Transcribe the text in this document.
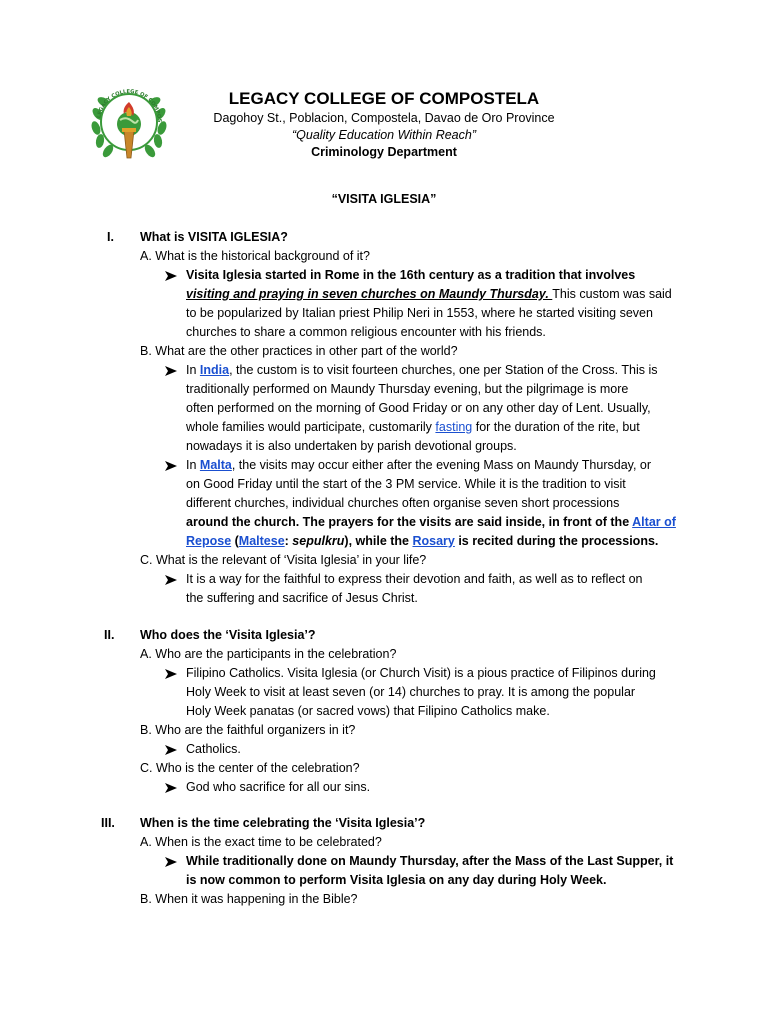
LEGACY COLLEGE OF COMPOS
LEGACY COLLEGE OF COMPOSTELA
Dagohoy St., Poblacion, Compostela, Davao de Oro Province
“Quality Education Within Reach”
Criminology Department
“VISITA IGLESIA”
I. What is VISITA IGLESIA?
A. What is the historical background of it?
Visita Iglesia started in Rome in the 16th century as a tradition that involves
visiting and praying in seven churches on Maundy Thursday. This custom was said
to be popularized by Italian priest Philip Neri in 1553, where he started visiting seven
churches to share a common religious encounter with his friends.
B. What are the other practices in other part of the world?
In India, the custom is to visit fourteen churches, one per Station of the Cross. This is
traditionally performed on Maundy Thursday evening, but the pilgrimage is more
often performed on the morning of Good Friday or on any other day of Lent. Usually,
whole families would participate, customarily fasting for the duration of the rite, but
nowadays it is also undertaken by parish devotional groups.
In Malta, the visits may occur either after the evening Mass on Maundy Thursday, or
on Good Friday until the start of the 3 PM service. While it is the tradition to visit
different churches, individual churches often organise seven short processions
around the church. The prayers for the visits are said inside, in front of the Altar of
Repose (Maltese: sepulkru), while the Rosary is recited during the processions.
C. What is the relevant of ‘Visita Iglesia’ in your life?
It is a way for the faithful to express their devotion and faith, as well as to reflect on
the suffering and sacrifice of Jesus Christ.
II. Who does the ‘Visita Iglesia’?
A. Who are the participants in the celebration?
Filipino Catholics. Visita Iglesia (or Church Visit) is a pious practice of Filipinos during
Holy Week to visit at least seven (or 14) churches to pray. It is among the popular
Holy Week panatas (or sacred vows) that Filipino Catholics make.
B. Who are the faithful organizers in it?
Catholics.
C. Who is the center of the celebration?
God who sacrifice for all our sins.
III. When is the time celebrating the ‘Visita Iglesia’?
A. When is the exact time to be celebrated?
While traditionally done on Maundy Thursday, after the Mass of the Last Supper, it
is now common to perform Visita Iglesia on any day during Holy Week.
B. When it was happening in the Bible?
